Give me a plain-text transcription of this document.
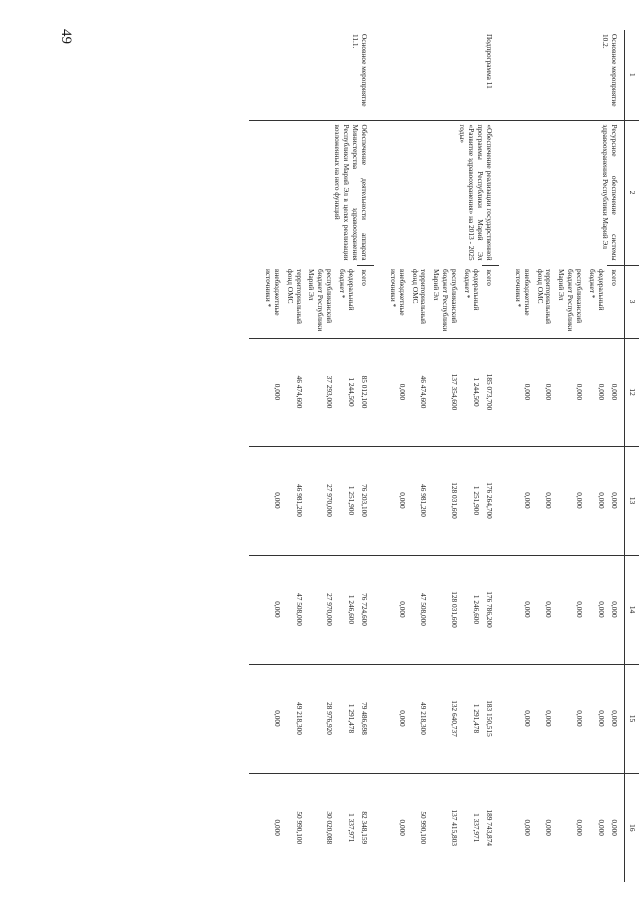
49
1	2	3	12	13	14	15	16
Основное мероприятие 10.2.	Ресурсное обеспечение системы здравоохранения Республики Марий Эл	всего	0,000	0,000	0,000	0,000	0,000
		федеральный бюджет *	0,000	0,000	0,000	0,000	0,000
		республиканский бюджет Республики Марий Эл	0,000	0,000	0,000	0,000	0,000
		территориальный фонд ОМС	0,000	0,000	0,000	0,000	0,000
		внебюджетные источники *	0,000	0,000	0,000	0,000	0,000
Подпрограмма 11	«Обеспечение реализации государственной программы Республики Марий Эл «Развитие здравоохранения» на 2013 - 2025 годы»	всего	185 073,700	176 264,700	176 786,200	183 150,515	189 743,874
		федеральный бюджет *	1 244,500	1 251,900	1 246,600	1 291,478	1 337,971
		республиканский бюджет Республики Марий Эл	137 354,600	128 031,600	128 031,600	132 640,737	137 415,803
		территориальный фонд ОМС	46 474,600	46 981,200	47 508,000	49 218,300	50 990,100
		внебюджетные источники *	0,000	0,000	0,000	0,000	0,000
Основное мероприятие 11.1.	Обеспечение деятельности аппарата Министерства здравоохранения Республики Марий Эл в целях реализации возложенных на него функций	всего	85 012,100	76 203,100	76 724,600	79 486,698	82 348,159
		федеральный бюджет *	1 244,500	1 251,900	1 246,600	1 291,478	1 337,971
		республиканский бюджет Республики Марий Эл	37 293,000	27 970,000	27 970,000	28 976,920	30 020,088
		территориальный фонд ОМС	46 474,600	46 981,200	47 508,000	49 218,300	50 990,100
		внебюджетные источники *	0,000	0,000	0,000	0,000	0,000
